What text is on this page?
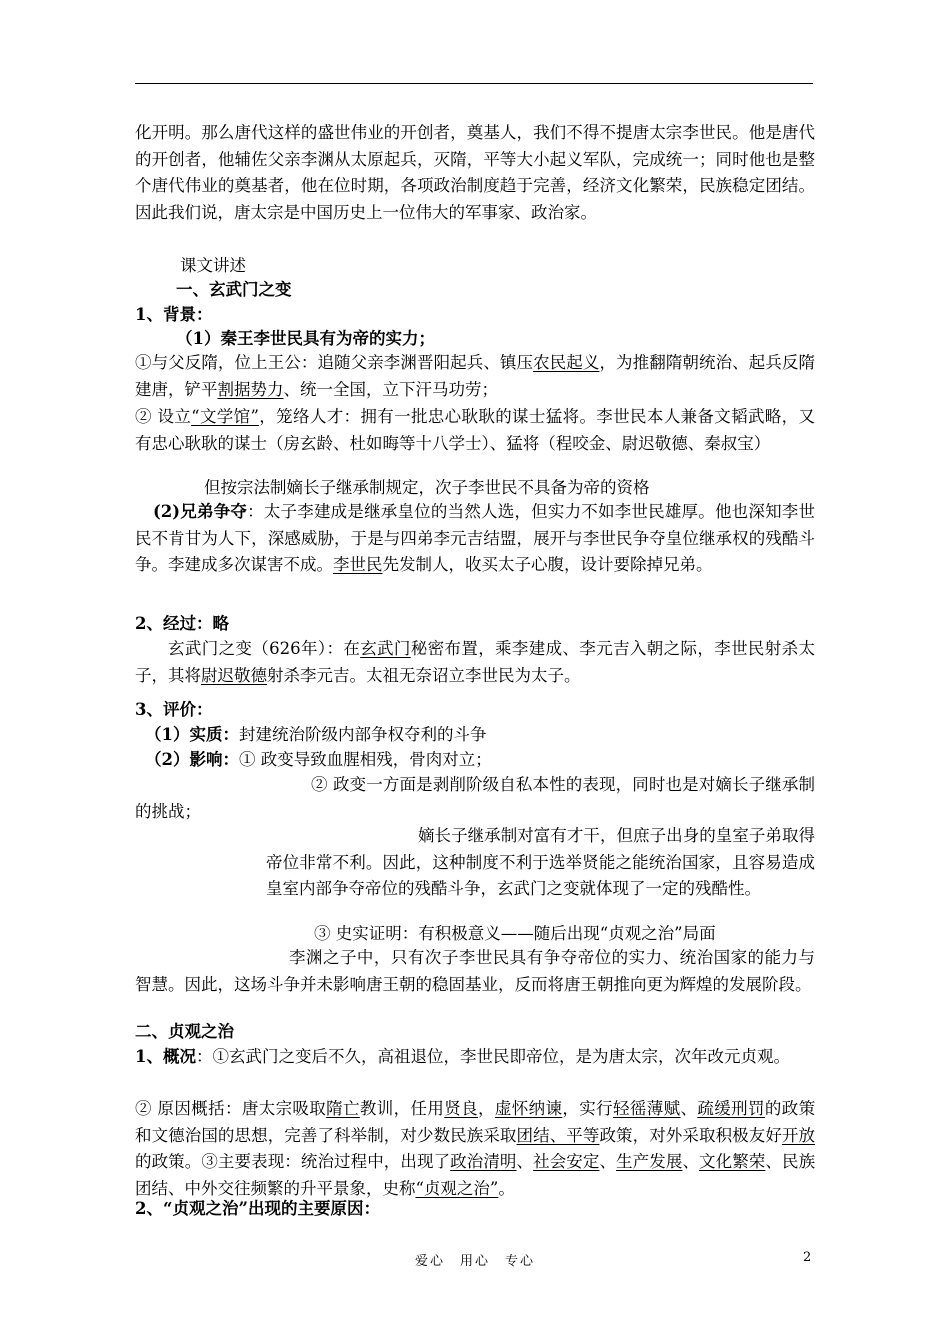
化开明。那么唐代这样的盛世伟业的开创者，奠基人，我们不得不提唐太宗李世民。他是唐代的开创者，他辅佐父亲李渊从太原起兵，灭隋，平等大小起义军队，完成统一；同时他也是整个唐代伟业的奠基者，他在位时期，各项政治制度趋于完善，经济文化繁荣，民族稳定团结。因此我们说，唐太宗是中国历史上一位伟大的军事家、政治家。

课文讲述

一、玄武门之变

1、背景：

（1）秦王李世民具有为帝的实力；

①与父反隋，位上王公：追随父亲李渊晋阳起兵、镇压农民起义，为推翻隋朝统治、起兵反隋建唐，铲平割据势力、统一全国，立下汗马功劳；

② 设立“文学馆”，笼络人才：拥有一批忠心耿耿的谋士猛将。李世民本人兼备文韬武略，又有忠心耿耿的谋士（房玄龄、杜如晦等十八学士）、猛将（程咬金、尉迟敬德、秦叔宝）

但按宗法制嫡长子继承制规定，次子李世民不具备为帝的资格

(2)兄弟争夺：太子李建成是继承皇位的当然人选，但实力不如李世民雄厚。他也深知李世民不肯甘为人下，深感威胁，于是与四弟李元吉结盟，展开与李世民争夺皇位继承权的残酷斗争。李建成多次谋害不成。李世民先发制人，收买太子心腹，设计要除掉兄弟。

2、经过：略

玄武门之变（626年）：在玄武门秘密布置，乘李建成、李元吉入朝之际，李世民射杀太子，其将尉迟敬德射杀李元吉。太祖无奈诏立李世民为太子。

3、评价：

（1）实质：封建统治阶级内部争权夺利的斗争

（2）影响：① 政变导致血腥相残，骨肉对立；

② 政变一方面是剥削阶级自私本性的表现，同时也是对嫡长子继承制的挑战；

嫡长子继承制对富有才干，但庶子出身的皇室子弟取得帝位非常不利。因此，这种制度不利于选举贤能之能统治国家，且容易造成皇室内部争夺帝位的残酷斗争，玄武门之变就体现了一定的残酷性。

③ 史实证明：有积极意义——随后出现“贞观之治”局面

李渊之子中，只有次子李世民具有争夺帝位的实力、统治国家的能力与智慧。因此，这场斗争并未影响唐王朝的稳固基业，反而将唐王朝推向更为辉煌的发展阶段。

二、贞观之治

1、概况：①玄武门之变后不久，高祖退位，李世民即帝位，是为唐太宗，次年改元贞观。

② 原因概括：唐太宗吸取隋亡教训，任用贤良，虚怀纳谏，实行轻徭薄赋、疏缓刑罚的政策和文德治国的思想，完善了科举制，对少数民族采取团结、平等政策，对外采取积极友好开放的政策。③主要表现：统治过程中，出现了政治清明、社会安定、生产发展、文化繁荣、民族团结、中外交往频繁的升平景象，史称“贞观之治”。

2、“贞观之治”出现的主要原因：

爱心　用心　专心	2
